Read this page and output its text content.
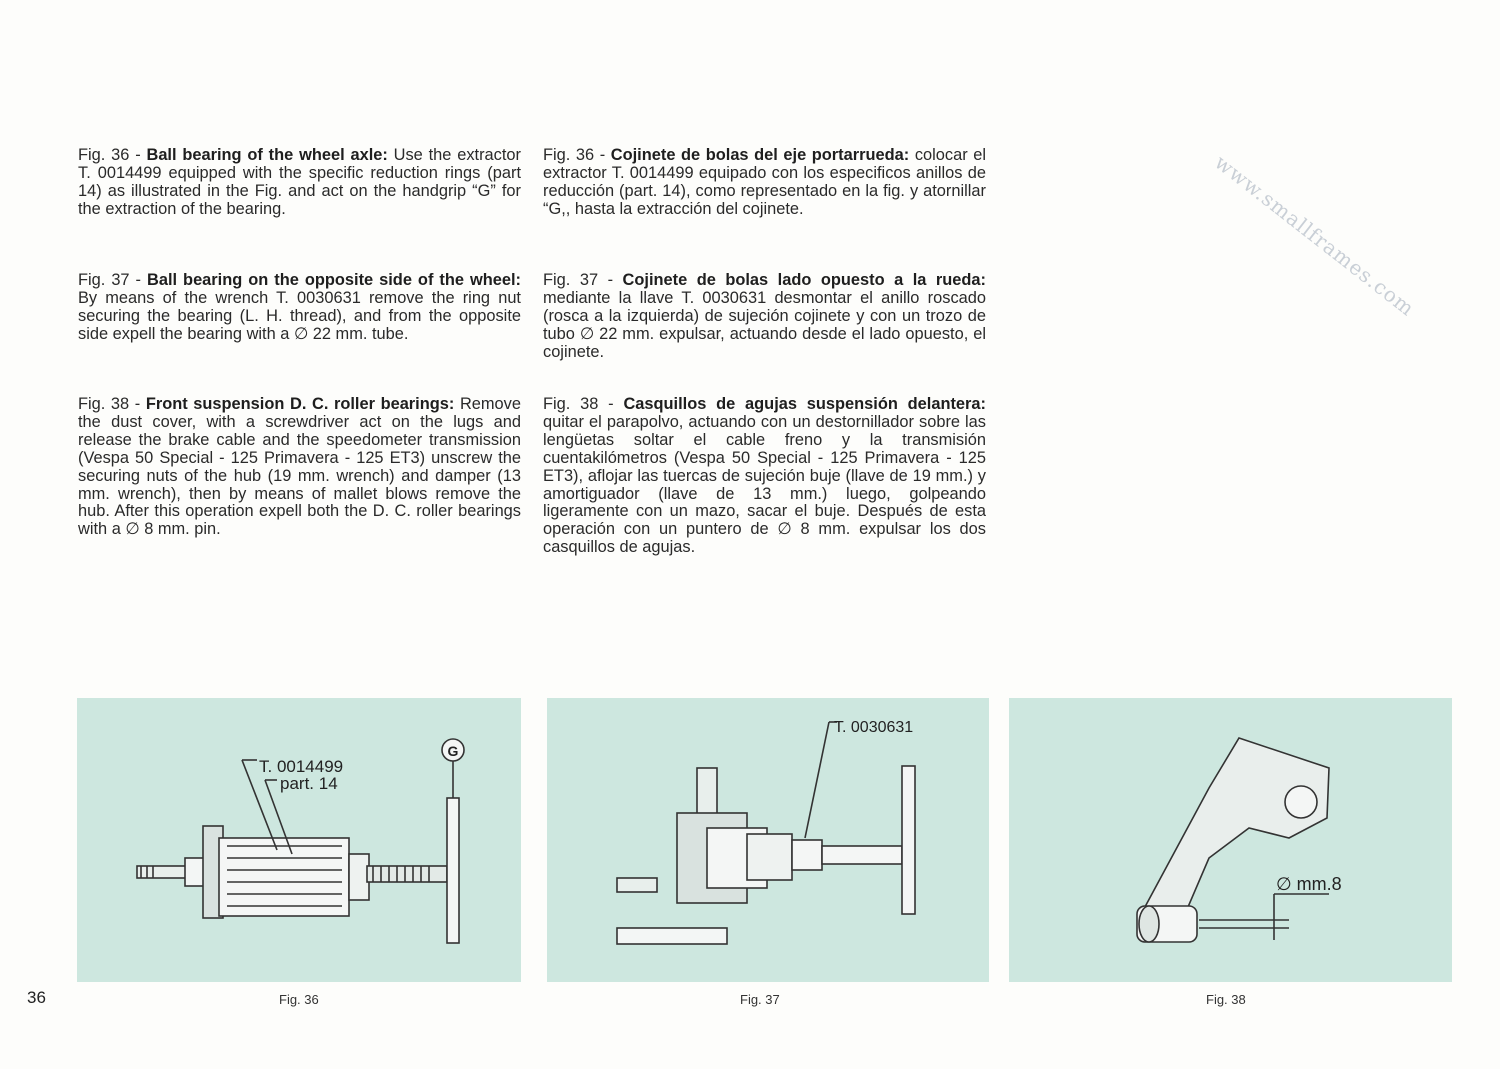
www.smallframes.com
Fig. 36 - Ball bearing of the wheel axle: Use the extractor T. 0014499 equipped with the specific reduction rings (part 14) as illustrated in the Fig. and act on the handgrip “G” for the extraction of the bearing.
Fig. 37 - Ball bearing on the opposite side of the wheel: By means of the wrench T. 0030631 remove the ring nut securing the bearing (L. H. thread), and from the opposite side expell the bearing with a ∅ 22 mm. tube.
Fig. 38 - Front suspension D. C. roller bearings: Remove the dust cover, with a screwdriver act on the lugs and release the brake cable and the speedometer transmission (Vespa 50 Special - 125 Primavera - 125 ET3) unscrew the securing nuts of the hub (19 mm. wrench) and damper (13 mm. wrench), then by means of mallet blows remove the hub. After this operation expell both the D. C. roller bearings with a ∅ 8 mm. pin.
Fig. 36 - Cojinete de bolas del eje portarrueda: colocar el extractor T. 0014499 equipado con los especificos anillos de reducción (part. 14), como representado en la fig. y atornillar “G,, hasta la extracción del cojinete.
Fig. 37 - Cojinete de bolas lado opuesto a la rueda: mediante la llave T. 0030631 desmontar el anillo roscado (rosca a la izquierda) de sujeción cojinete y con un trozo de tubo ∅ 22 mm. expulsar, actuando desde el lado opuesto, el cojinete.
Fig. 38 - Casquillos de agujas suspensión delantera: quitar el parapolvo, actuando con un destornillador sobre las lengüetas soltar el cable freno y la transmisión cuentakilómetros (Vespa 50 Special - 125 Primavera - 125 ET3), aflojar las tuercas de sujeción buje (llave de 19 mm.) y amortiguador (llave de 13 mm.) luego, golpeando ligeramente con un mazo, sacar el buje. Después de esta operación con un puntero de ∅ 8 mm. expulsar los dos casquillos de agujas.
T. 0014499
part. 14
G
Fig. 36
T. 0030631
Fig. 37
∅ mm.8
Fig. 38
36
